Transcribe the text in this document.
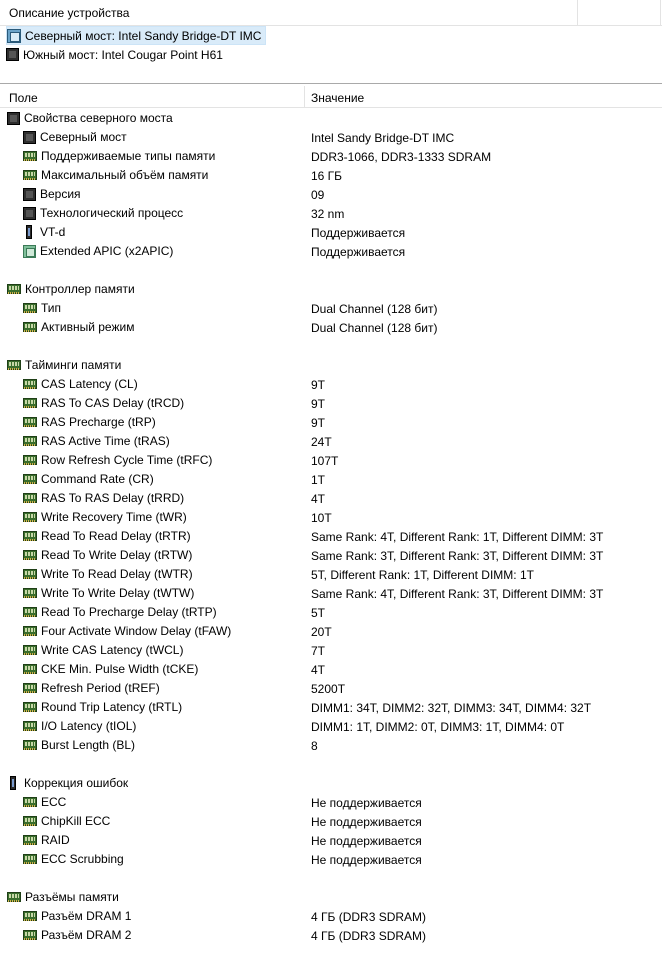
Описание устройства
Северный мост: Intel Sandy Bridge-DT IMC
Южный мост: Intel Cougar Point H61
Поле	Значение
Свойства северного моста
Северный мост	Intel Sandy Bridge-DT IMC
Поддерживаемые типы памяти	DDR3-1066, DDR3-1333 SDRAM
Максимальный объём памяти	16 ГБ
Версия	09
Технологический процесс	32 nm
VT-d	Поддерживается
Extended APIC (x2APIC)	Поддерживается
Контроллер памяти
Тип	Dual Channel (128 бит)
Активный режим	Dual Channel (128 бит)
Тайминги памяти
CAS Latency (CL)	9T
RAS To CAS Delay (tRCD)	9T
RAS Precharge (tRP)	9T
RAS Active Time (tRAS)	24T
Row Refresh Cycle Time (tRFC)	107T
Command Rate (CR)	1T
RAS To RAS Delay (tRRD)	4T
Write Recovery Time (tWR)	10T
Read To Read Delay (tRTR)	Same Rank: 4T, Different Rank: 1T, Different DIMM: 3T
Read To Write Delay (tRTW)	Same Rank: 3T, Different Rank: 3T, Different DIMM: 3T
Write To Read Delay (tWTR)	5T, Different Rank: 1T, Different DIMM: 1T
Write To Write Delay (tWTW)	Same Rank: 4T, Different Rank: 3T, Different DIMM: 3T
Read To Precharge Delay (tRTP)	5T
Four Activate Window Delay (tFAW)	20T
Write CAS Latency (tWCL)	7T
CKE Min. Pulse Width (tCKE)	4T
Refresh Period (tREF)	5200T
Round Trip Latency (tRTL)	DIMM1: 34T, DIMM2: 32T, DIMM3: 34T, DIMM4: 32T
I/O Latency (tIOL)	DIMM1: 1T, DIMM2: 0T, DIMM3: 1T, DIMM4: 0T
Burst Length (BL)	8
Коррекция ошибок
ECC	Не поддерживается
ChipKill ECC	Не поддерживается
RAID	Не поддерживается
ECC Scrubbing	Не поддерживается
Разъёмы памяти
Разъём DRAM 1	4 ГБ (DDR3 SDRAM)
Разъём DRAM 2	4 ГБ (DDR3 SDRAM)
